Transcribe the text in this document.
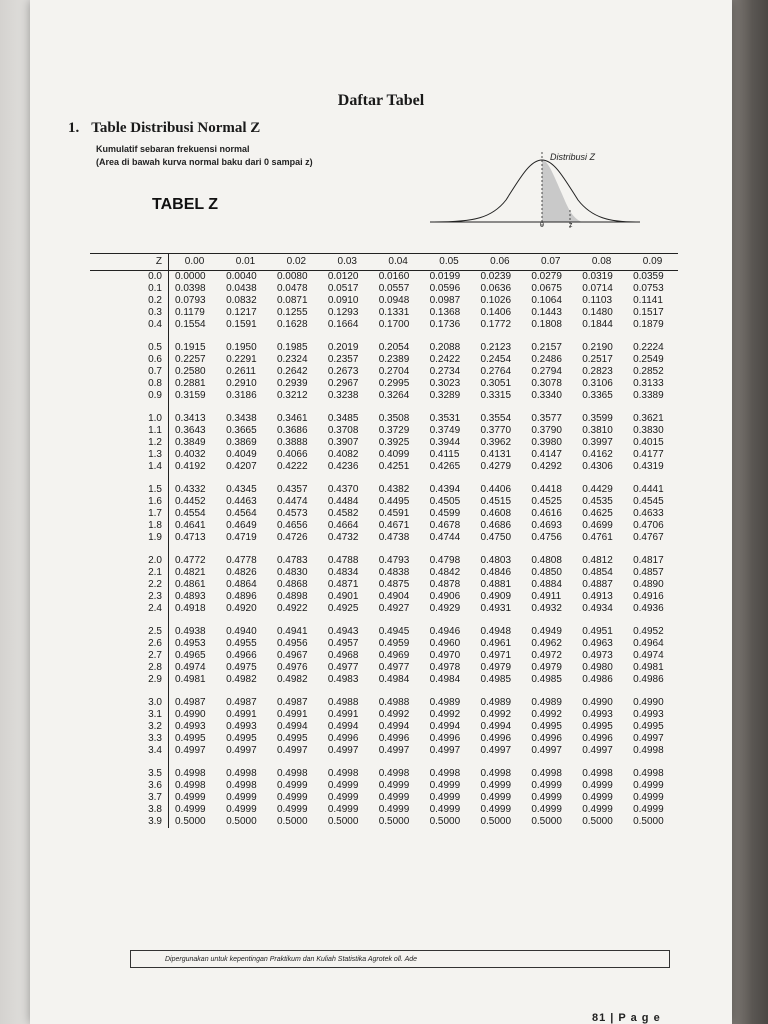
Daftar Tabel
1. Table Distribusi Normal Z
Kumulatif sebaran frekuensi normal
(Area di bawah kurva normal baku dari 0 sampai z)
TABEL Z
Distribusi Z
0	z
Z	0.00	0.01	0.02	0.03	0.04	0.05	0.06	0.07	0.08	0.09
0.0	0.0000	0.0040	0.0080	0.0120	0.0160	0.0199	0.0239	0.0279	0.0319	0.0359
0.1	0.0398	0.0438	0.0478	0.0517	0.0557	0.0596	0.0636	0.0675	0.0714	0.0753
0.2	0.0793	0.0832	0.0871	0.0910	0.0948	0.0987	0.1026	0.1064	0.1103	0.1141
0.3	0.1179	0.1217	0.1255	0.1293	0.1331	0.1368	0.1406	0.1443	0.1480	0.1517
0.4	0.1554	0.1591	0.1628	0.1664	0.1700	0.1736	0.1772	0.1808	0.1844	0.1879

0.5	0.1915	0.1950	0.1985	0.2019	0.2054	0.2088	0.2123	0.2157	0.2190	0.2224
0.6	0.2257	0.2291	0.2324	0.2357	0.2389	0.2422	0.2454	0.2486	0.2517	0.2549
0.7	0.2580	0.2611	0.2642	0.2673	0.2704	0.2734	0.2764	0.2794	0.2823	0.2852
0.8	0.2881	0.2910	0.2939	0.2967	0.2995	0.3023	0.3051	0.3078	0.3106	0.3133
0.9	0.3159	0.3186	0.3212	0.3238	0.3264	0.3289	0.3315	0.3340	0.3365	0.3389

1.0	0.3413	0.3438	0.3461	0.3485	0.3508	0.3531	0.3554	0.3577	0.3599	0.3621
1.1	0.3643	0.3665	0.3686	0.3708	0.3729	0.3749	0.3770	0.3790	0.3810	0.3830
1.2	0.3849	0.3869	0.3888	0.3907	0.3925	0.3944	0.3962	0.3980	0.3997	0.4015
1.3	0.4032	0.4049	0.4066	0.4082	0.4099	0.4115	0.4131	0.4147	0.4162	0.4177
1.4	0.4192	0.4207	0.4222	0.4236	0.4251	0.4265	0.4279	0.4292	0.4306	0.4319

1.5	0.4332	0.4345	0.4357	0.4370	0.4382	0.4394	0.4406	0.4418	0.4429	0.4441
1.6	0.4452	0.4463	0.4474	0.4484	0.4495	0.4505	0.4515	0.4525	0.4535	0.4545
1.7	0.4554	0.4564	0.4573	0.4582	0.4591	0.4599	0.4608	0.4616	0.4625	0.4633
1.8	0.4641	0.4649	0.4656	0.4664	0.4671	0.4678	0.4686	0.4693	0.4699	0.4706
1.9	0.4713	0.4719	0.4726	0.4732	0.4738	0.4744	0.4750	0.4756	0.4761	0.4767

2.0	0.4772	0.4778	0.4783	0.4788	0.4793	0.4798	0.4803	0.4808	0.4812	0.4817
2.1	0.4821	0.4826	0.4830	0.4834	0.4838	0.4842	0.4846	0.4850	0.4854	0.4857
2.2	0.4861	0.4864	0.4868	0.4871	0.4875	0.4878	0.4881	0.4884	0.4887	0.4890
2.3	0.4893	0.4896	0.4898	0.4901	0.4904	0.4906	0.4909	0.4911	0.4913	0.4916
2.4	0.4918	0.4920	0.4922	0.4925	0.4927	0.4929	0.4931	0.4932	0.4934	0.4936

2.5	0.4938	0.4940	0.4941	0.4943	0.4945	0.4946	0.4948	0.4949	0.4951	0.4952
2.6	0.4953	0.4955	0.4956	0.4957	0.4959	0.4960	0.4961	0.4962	0.4963	0.4964
2.7	0.4965	0.4966	0.4967	0.4968	0.4969	0.4970	0.4971	0.4972	0.4973	0.4974
2.8	0.4974	0.4975	0.4976	0.4977	0.4977	0.4978	0.4979	0.4979	0.4980	0.4981
2.9	0.4981	0.4982	0.4982	0.4983	0.4984	0.4984	0.4985	0.4985	0.4986	0.4986

3.0	0.4987	0.4987	0.4987	0.4988	0.4988	0.4989	0.4989	0.4989	0.4990	0.4990
3.1	0.4990	0.4991	0.4991	0.4991	0.4992	0.4992	0.4992	0.4992	0.4993	0.4993
3.2	0.4993	0.4993	0.4994	0.4994	0.4994	0.4994	0.4994	0.4995	0.4995	0.4995
3.3	0.4995	0.4995	0.4995	0.4996	0.4996	0.4996	0.4996	0.4996	0.4996	0.4997
3.4	0.4997	0.4997	0.4997	0.4997	0.4997	0.4997	0.4997	0.4997	0.4997	0.4998

3.5	0.4998	0.4998	0.4998	0.4998	0.4998	0.4998	0.4998	0.4998	0.4998	0.4998
3.6	0.4998	0.4998	0.4999	0.4999	0.4999	0.4999	0.4999	0.4999	0.4999	0.4999
3.7	0.4999	0.4999	0.4999	0.4999	0.4999	0.4999	0.4999	0.4999	0.4999	0.4999
3.8	0.4999	0.4999	0.4999	0.4999	0.4999	0.4999	0.4999	0.4999	0.4999	0.4999
3.9	0.5000	0.5000	0.5000	0.5000	0.5000	0.5000	0.5000	0.5000	0.5000	0.5000
Dipergunakan untuk kepentingan Praktikum dan Kuliah Statistika Agrotek oll. Ade
81 | P a g e
